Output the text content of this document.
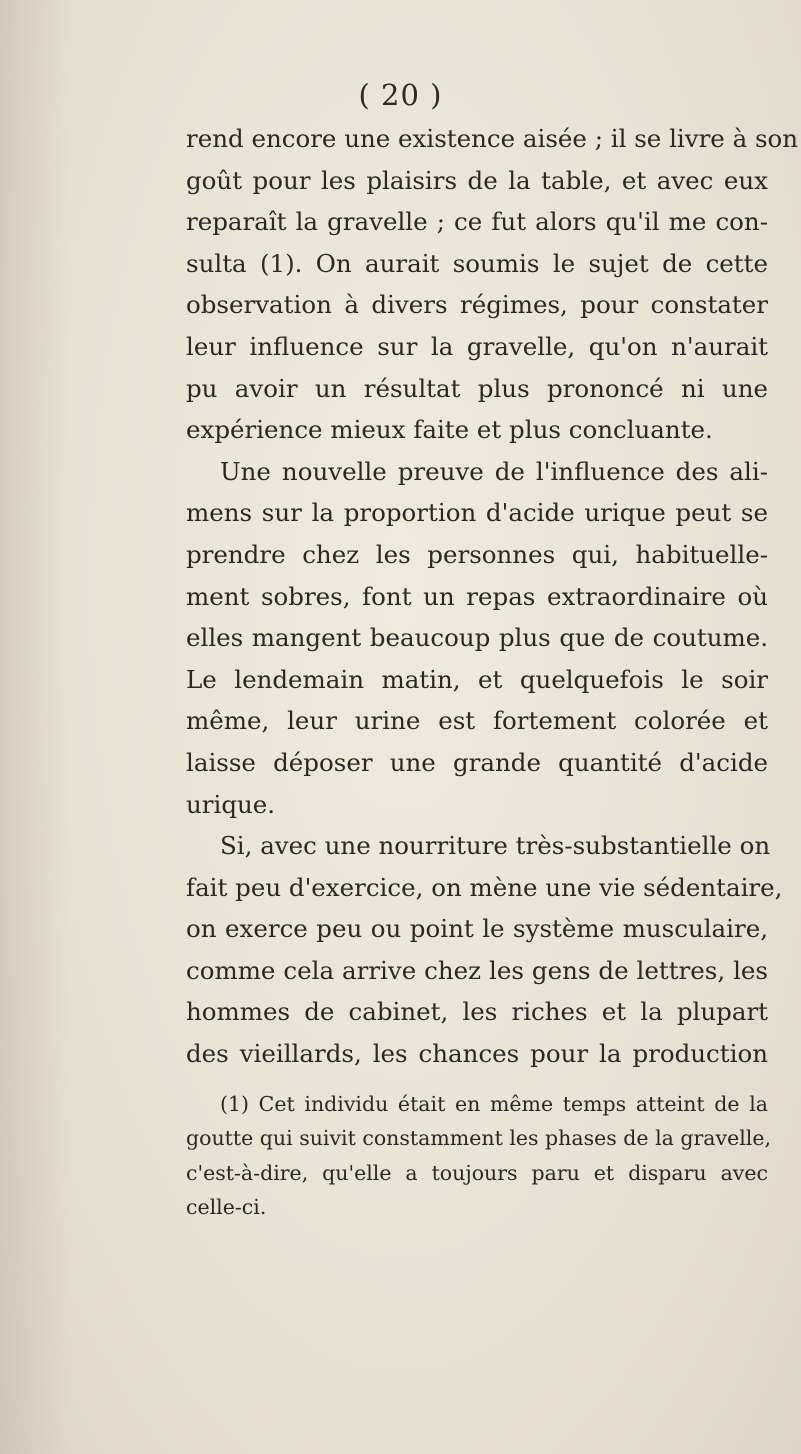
( 20 )
rend encore une existence aisée ; il se livre à son
goût pour les plaisirs de la table, et avec eux
reparaît la gravelle ; ce fut alors qu'il me con-
sulta (1). On aurait soumis le sujet de cette
observation à divers régimes, pour constater
leur influence sur la gravelle, qu'on n'aurait
pu avoir un résultat plus prononcé ni une
expérience mieux faite et plus concluante.
Une nouvelle preuve de l'influence des ali-
mens sur la proportion d'acide urique peut se
prendre chez les personnes qui, habituelle-
ment sobres, font un repas extraordinaire où
elles mangent beaucoup plus que de coutume.
Le lendemain matin, et quelquefois le soir
même, leur urine est fortement colorée et
laisse déposer une grande quantité d'acide
urique.
Si, avec une nourriture très-substantielle on
fait peu d'exercice, on mène une vie sédentaire,
on exerce peu ou point le système musculaire,
comme cela arrive chez les gens de lettres, les
hommes de cabinet, les riches et la plupart
des vieillards, les chances pour la production
(1) Cet individu était en même temps atteint de la
goutte qui suivit constamment les phases de la gravelle,
c'est-à-dire, qu'elle a toujours paru et disparu avec
celle-ci.
